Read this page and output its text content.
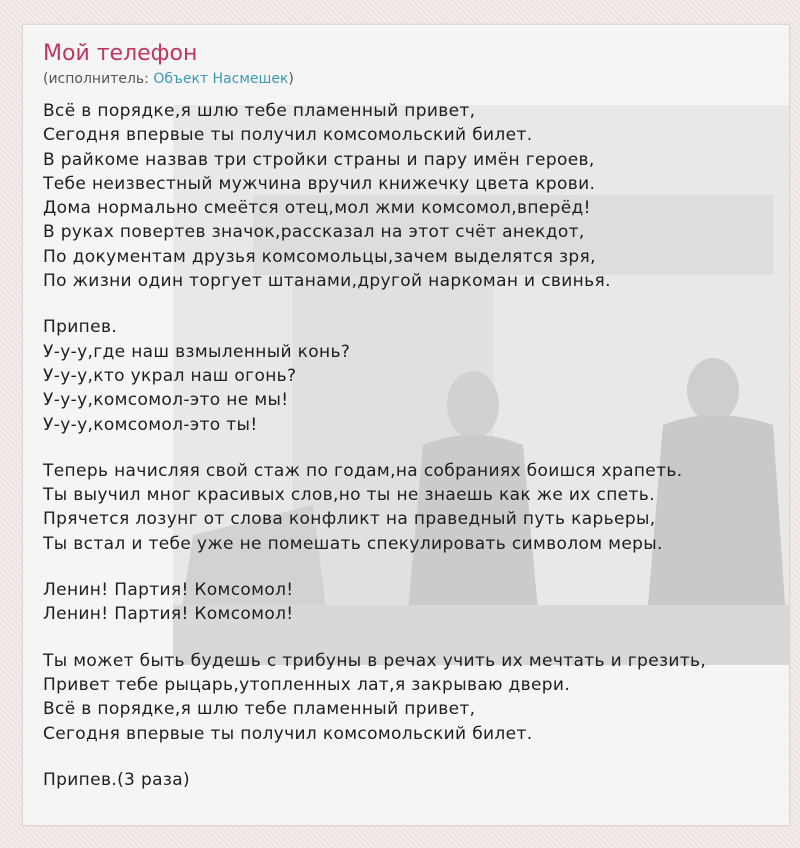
Мой телефон
(исполнитель: Объект Насмешек)
Всё в порядке,я шлю тебе пламенный привет,
Сегодня впервые ты получил комсомольский билет.
В райкоме назвав три стройки страны и пару имён героев,
Тебе неизвестный мужчина вручил книжечку цвета крови.
Дома нормально смеётся отец,мол жми комсомол,вперёд!
В руках повертев значок,рассказал на этот счёт анекдот,
По документам друзья комсомольцы,зачем выделятся зря,
По жизни один торгует штанами,другой наркоман и свинья.
Припев.
У-у-у,где наш взмыленный конь?
У-у-у,кто украл наш огонь?
У-у-у,комсомол-это не мы!
У-у-у,комсомол-это ты!
Теперь начисляя свой стаж по годам,на собраниях боишся храпеть.
Ты выучил мног красивых слов,но ты не знаешь как же их спеть.
Прячется лозунг от слова конфликт на праведный путь карьеры,
Ты встал и тебе уже не помешать спекулировать символом меры.
Ленин! Партия! Комсомол!
Ленин! Партия! Комсомол!
Ты может быть будешь с трибуны в речах учить их мечтать и грезить,
Привет тебе рыцарь,утопленных лат,я закрываю двери.
Всё в порядке,я шлю тебе пламенный привет,
Сегодня впервые ты получил комсомольский билет.
Припев.(3 раза)
